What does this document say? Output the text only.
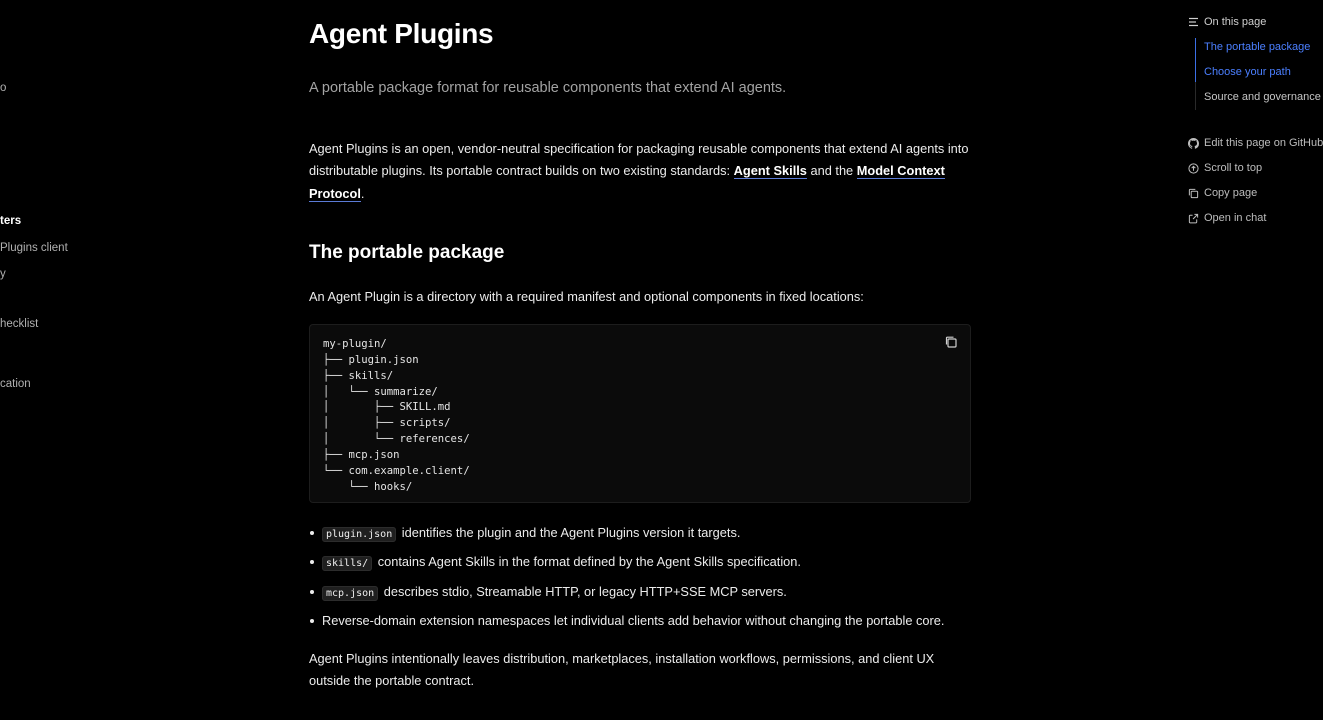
o
ters
Plugins client
y
hecklist
cation
Agent Plugins

A portable package format for reusable components that extend AI agents.

Agent Plugins is an open, vendor-neutral specification for packaging reusable components that extend AI agents into distributable plugins. Its portable contract builds on two existing standards: Agent Skills and the Model Context Protocol.

The portable package

An Agent Plugin is a directory with a required manifest and optional components in fixed locations:

my-plugin/
├── plugin.json
├── skills/
│   └── summarize/
│       ├── SKILL.md
│       ├── scripts/
│       └── references/
├── mcp.json
└── com.example.client/
└── hooks/
plugin.json identifies the plugin and the Agent Plugins version it targets.
skills/ contains Agent Skills in the format defined by the Agent Skills specification.
mcp.json describes stdio, Streamable HTTP, or legacy HTTP+SSE MCP servers.
Reverse-domain extension namespaces let individual clients add behavior without changing the portable core.

Agent Plugins intentionally leaves distribution, marketplaces, installation workflows, permissions, and client UX outside the portable contract.

On this page
The portable package
Choose your path
Source and governance
Edit this page on GitHub
Scroll to top
Copy page
Open in chat
